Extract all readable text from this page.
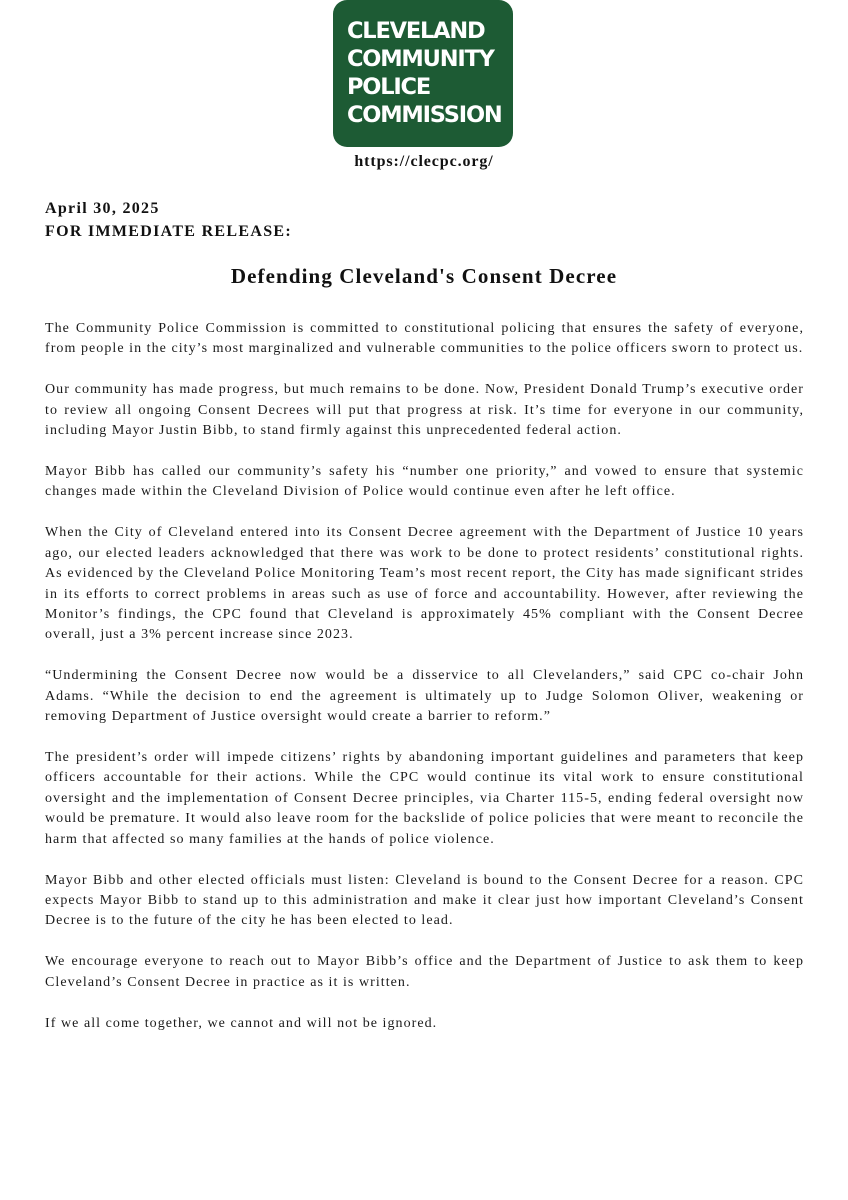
CLEVELAND
COMMUNITY
POLICE
COMMISSION
https://clecpc.org/
April 30, 2025
FOR IMMEDIATE RELEASE:
Defending Cleveland's Consent Decree

The Community Police Commission is committed to constitutional policing that ensures the safety of everyone, from people in the city’s most marginalized and vulnerable communities to the police officers sworn to protect us.

Our community has made progress, but much remains to be done. Now, President Donald Trump’s executive order to review all ongoing Consent Decrees will put that progress at risk. It’s time for everyone in our community, including Mayor Justin Bibb, to stand firmly against this unprecedented federal action.

Mayor Bibb has called our community’s safety his “number one priority,” and vowed to ensure that systemic changes made within the Cleveland Division of Police would continue even after he left office.

When the City of Cleveland entered into its Consent Decree agreement with the Department of Justice 10 years ago, our elected leaders acknowledged that there was work to be done to protect residents’ constitutional rights. As evidenced by the Cleveland Police Monitoring Team’s most recent report, the City has made significant strides in its efforts to correct problems in areas such as use of force and accountability. However, after reviewing the Monitor’s findings, the CPC found that Cleveland is approximately 45% compliant with the Consent Decree overall, just a 3% percent increase since 2023.

“Undermining the Consent Decree now would be a disservice to all Clevelanders,” said CPC co-chair John Adams. “While the decision to end the agreement is ultimately up to Judge Solomon Oliver, weakening or removing Department of Justice oversight would create a barrier to reform.”

The president’s order will impede citizens’ rights by abandoning important guidelines and parameters that keep officers accountable for their actions. While the CPC would continue its vital work to ensure constitutional oversight and the implementation of Consent Decree principles, via Charter 115-5, ending federal oversight now would be premature. It would also leave room for the backslide of police policies that were meant to reconcile the harm that affected so many families at the hands of police violence.

Mayor Bibb and other elected officials must listen: Cleveland is bound to the Consent Decree for a reason. CPC expects Mayor Bibb to stand up to this administration and make it clear just how important Cleveland’s Consent Decree is to the future of the city he has been elected to lead.

We encourage everyone to reach out to Mayor Bibb’s office and the Department of Justice to ask them to keep Cleveland’s Consent Decree in practice as it is written.

If we all come together, we cannot and will not be ignored.
